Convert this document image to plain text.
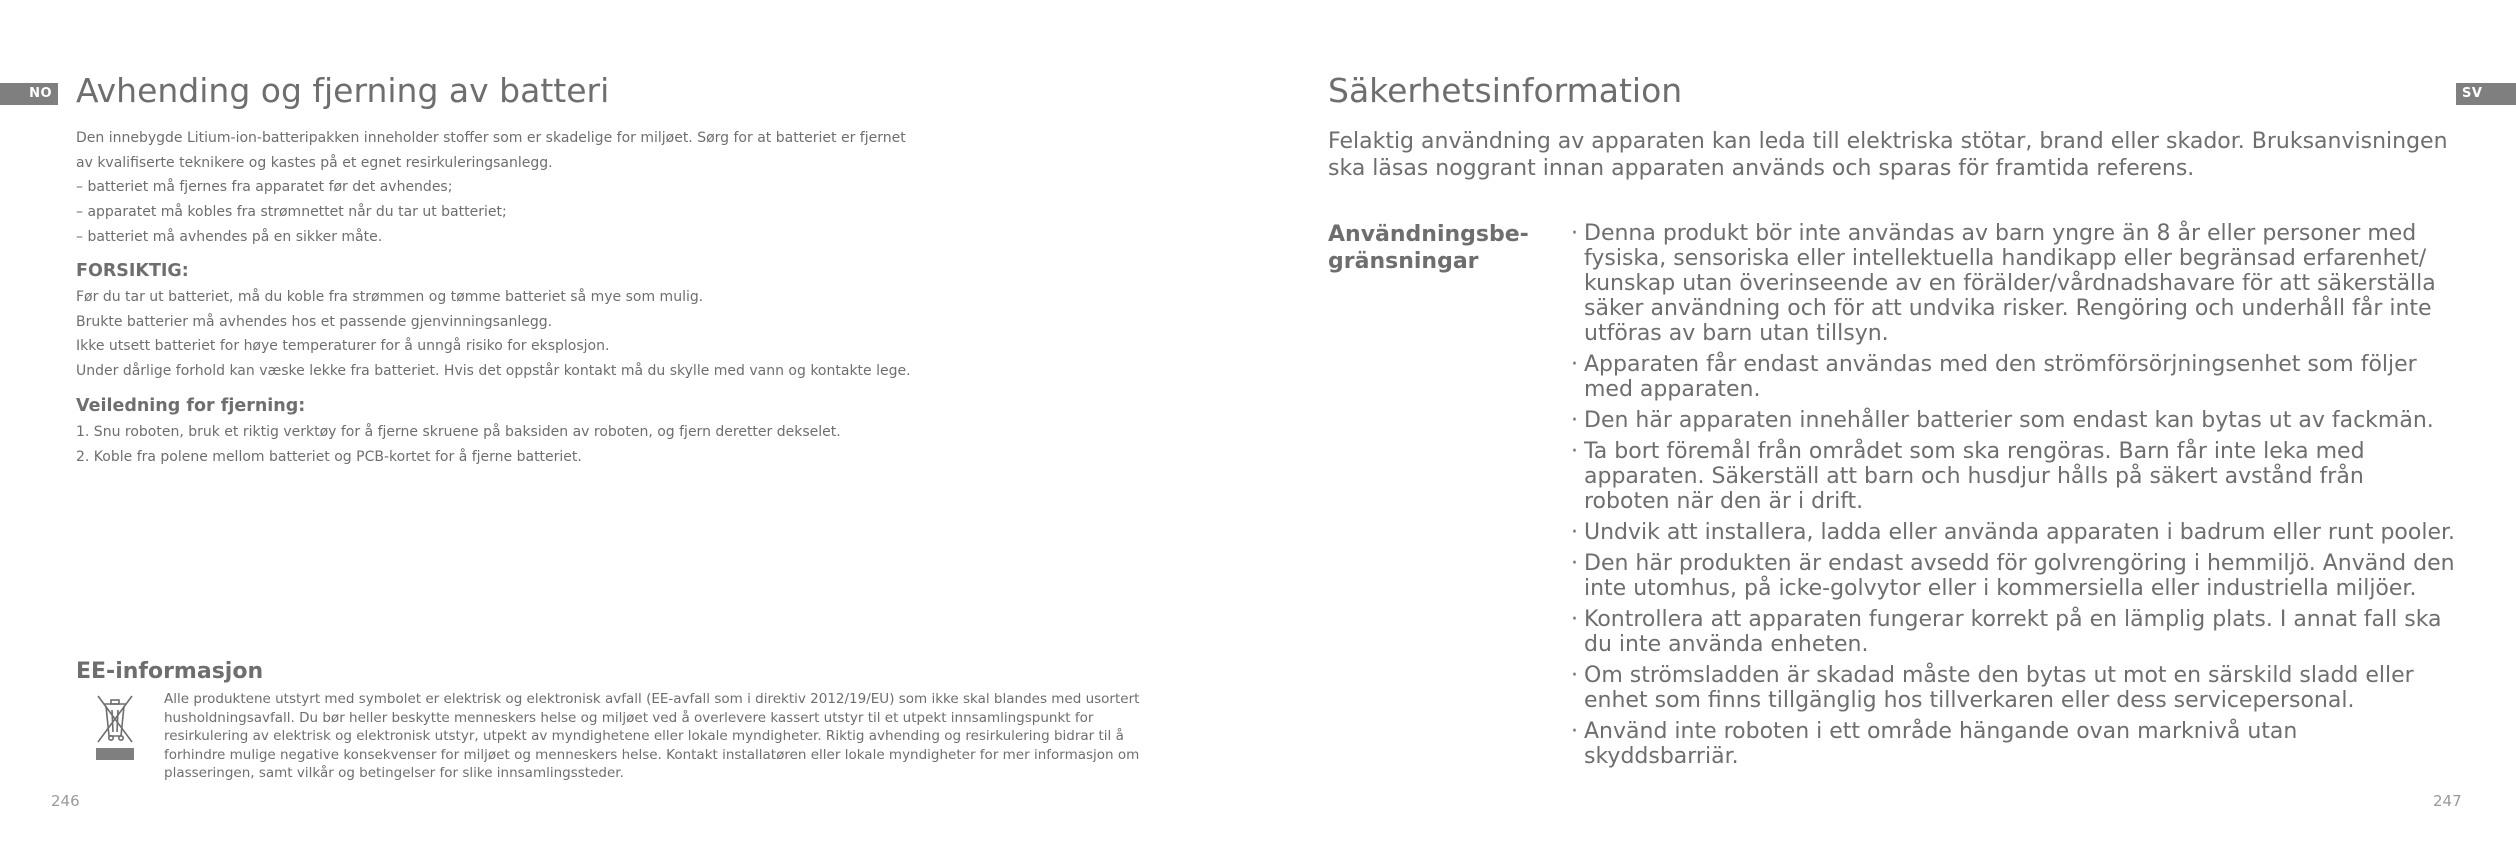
NO	SV
Avhending og fjerning av batteri
Den innebygde Litium-ion-batteripakken inneholder stoffer som er skadelige for miljøet. Sørg for at batteriet er fjernet
av kvalifiserte teknikere og kastes på et egnet resirkuleringsanlegg.
– batteriet må fjernes fra apparatet før det avhendes;
– apparatet må kobles fra strømnettet når du tar ut batteriet;
– batteriet må avhendes på en sikker måte.
FORSIKTIG:
Før du tar ut batteriet, må du koble fra strømmen og tømme batteriet så mye som mulig.
Brukte batterier må avhendes hos et passende gjenvinningsanlegg.
Ikke utsett batteriet for høye temperaturer for å unngå risiko for eksplosjon.
Under dårlige forhold kan væske lekke fra batteriet. Hvis det oppstår kontakt må du skylle med vann og kontakte lege.
Veiledning for fjerning:
1. Snu roboten, bruk et riktig verktøy for å fjerne skruene på baksiden av roboten, og fjern deretter dekselet.
2. Koble fra polene mellom batteriet og PCB-kortet for å fjerne batteriet.
EE-informasjon
Alle produktene utstyrt med symbolet er elektrisk og elektronisk avfall (EE-avfall som i direktiv 2012/19/EU) som ikke skal blandes med usortert
husholdningsavfall. Du bør heller beskytte menneskers helse og miljøet ved å overlevere kassert utstyr til et utpekt innsamlingspunkt for
resirkulering av elektrisk og elektronisk utstyr, utpekt av myndighetene eller lokale myndigheter. Riktig avhending og resirkulering bidrar til å
forhindre mulige negative konsekvenser for miljøet og menneskers helse. Kontakt installatøren eller lokale myndigheter for mer informasjon om
plasseringen, samt vilkår og betingelser for slike innsamlingssteder.
246
Säkerhetsinformation
Felaktig användning av apparaten kan leda till elektriska stötar, brand eller skador. Bruksanvisningen
ska läsas noggrant innan apparaten används och sparas för framtida referens.
Användningsbe-
gränsningar
· Denna produkt bör inte användas av barn yngre än 8 år eller personer med
fysiska, sensoriska eller intellektuella handikapp eller begränsad erfarenhet/
kunskap utan överinseende av en förälder/vårdnadshavare för att säkerställa
säker användning och för att undvika risker. Rengöring och underhåll får inte
utföras av barn utan tillsyn.
· Apparaten får endast användas med den strömförsörjningsenhet som följer
med apparaten.
· Den här apparaten innehåller batterier som endast kan bytas ut av fackmän.
· Ta bort föremål från området som ska rengöras. Barn får inte leka med
apparaten. Säkerställ att barn och husdjur hålls på säkert avstånd från
roboten när den är i drift.
· Undvik att installera, ladda eller använda apparaten i badrum eller runt pooler.
· Den här produkten är endast avsedd för golvrengöring i hemmiljö. Använd den
inte utomhus, på icke-golvytor eller i kommersiella eller industriella miljöer.
· Kontrollera att apparaten fungerar korrekt på en lämplig plats. I annat fall ska
du inte använda enheten.
· Om strömsladden är skadad måste den bytas ut mot en särskild sladd eller
enhet som finns tillgänglig hos tillverkaren eller dess servicepersonal.
· Använd inte roboten i ett område hängande ovan marknivå utan
skyddsbarriär.
247
